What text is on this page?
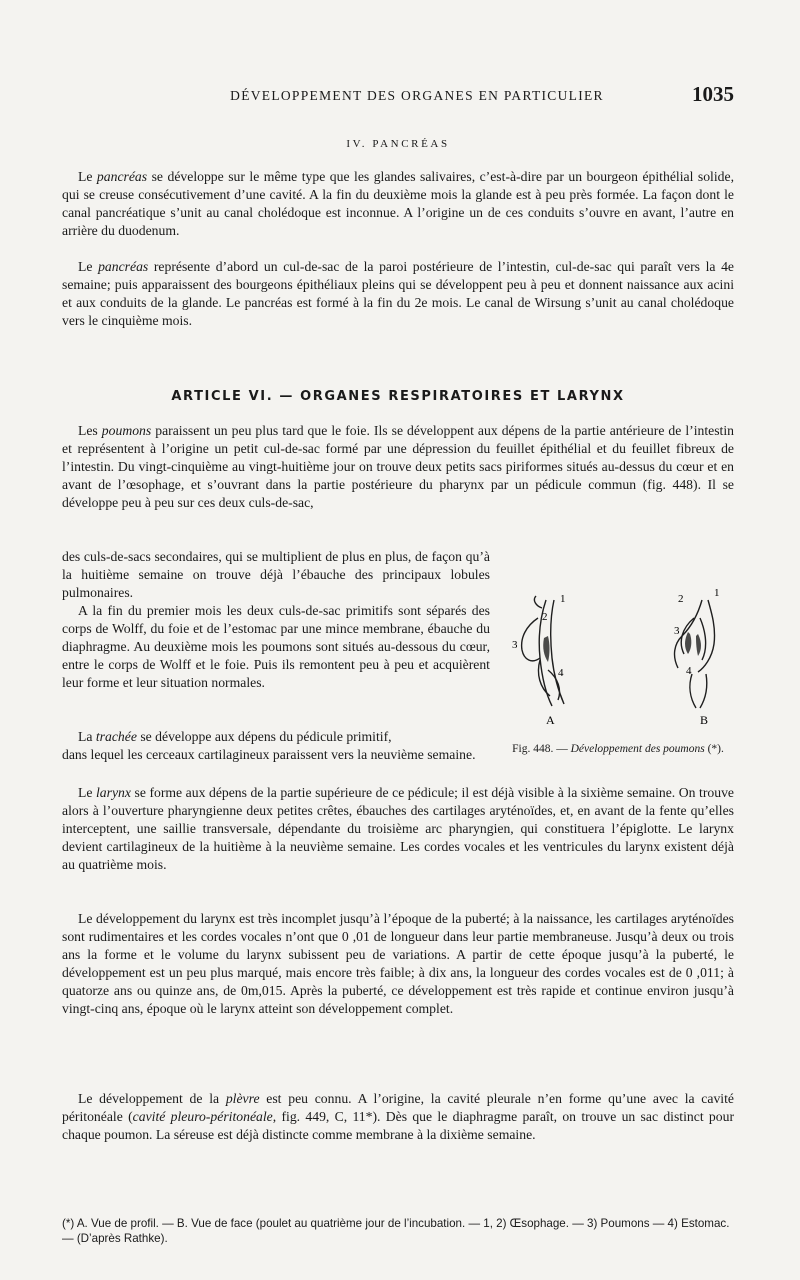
DÉVELOPPEMENT DES ORGANES EN PARTICULIER	1035
IV. PANCRÉAS

Le pancréas se développe sur le même type que les glandes salivaires, c’est-à-dire par un bourgeon épithélial solide, qui se creuse consécutivement d’une cavité. A la fin du deuxième mois la glande est à peu près formée. La façon dont le canal pancréatique s’unit au canal cholédoque est inconnue. A l’origine un de ces conduits s’ouvre en avant, l’autre en arrière du duodenum.

Le pancréas représente d’abord un cul-de-sac de la paroi postérieure de l’intestin, cul-de-sac qui paraît vers la 4e semaine; puis apparaissent des bourgeons épithéliaux pleins qui se développent peu à peu et donnent naissance aux acini et aux conduits de la glande. Le pancréas est formé à la fin du 2e mois. Le canal de Wirsung s’unit au canal cholédoque vers le cinquième mois.

ARTICLE VI. — ORGANES RESPIRATOIRES ET LARYNX

Les poumons paraissent un peu plus tard que le foie. Ils se développent aux dépens de la partie antérieure de l’intestin et représentent à l’origine un petit cul-de-sac formé par une dépression du feuillet épithélial et du feuillet fibreux de l’intestin. Du vingt-cinquième au vingt-huitième jour on trouve deux petits sacs piriformes situés au-dessus du cœur et en avant de l’œsophage, et s’ouvrant dans la partie postérieure du pharynx par un pédicule commun (fig. 448). Il se développe peu à peu sur ces deux culs-de-sac,

des culs-de-sacs secondaires, qui se multiplient de plus en plus, de façon qu’à la huitième semaine on trouve déjà l’ébauche des principaux lobules pulmonaires.

A la fin du premier mois les deux culs-de-sac primitifs sont séparés des corps de Wolff, du foie et de l’estomac par une mince membrane, ébauche du diaphragme. Au deuxième mois les poumons sont situés au-dessous du cœur, entre le corps de Wolff et le foie. Puis ils remontent peu à peu et acquièrent leur forme et leur situation normales.

La trachée se développe aux dépens du pédicule primitif,

dans lequel les cerceaux cartilagineux paraissent vers la neuvième semaine.
1
2
3
4
2	1
3
4
A	B
Fig. 448. — Développement des poumons (*).

Le larynx se forme aux dépens de la partie supérieure de ce pédicule; il est déjà visible à la sixième semaine. On trouve alors à l’ouverture pharyngienne deux petites crêtes, ébauches des cartilages aryténoïdes, et, en avant de la fente qu’elles interceptent, une saillie transversale, dépendante du troisième arc pharyngien, qui constituera l’épiglotte. Le larynx devient cartilagineux de la huitième à la neuvième semaine. Les cordes vocales et les ventricules du larynx existent déjà au quatrième mois.

Le développement du larynx est très incomplet jusqu’à l’époque de la puberté; à la naissance, les cartilages aryténoïdes sont rudimentaires et les cordes vocales n’ont que 0 ,01 de longueur dans leur partie membraneuse. Jusqu’à deux ou trois ans la forme et le volume du larynx subissent peu de variations. A partir de cette époque jusqu’à la puberté, le développement est un peu plus marqué, mais encore très faible; à dix ans, la longueur des cordes vocales est de 0 ,011; à quatorze ans ou quinze ans, de 0m,015. Après la puberté, ce développement est très rapide et continue environ jusqu’à vingt-cinq ans, époque où le larynx atteint son développement complet.

Le développement de la plèvre est peu connu. A l’origine, la cavité pleurale n’en forme qu’une avec la cavité péritonéale (cavité pleuro-péritonéale, fig. 449, C, 11*). Dès que le diaphragme paraît, on trouve un sac distinct pour chaque poumon. La séreuse est déjà distincte comme membrane à la dixième semaine.

(*) A. Vue de profil. — B. Vue de face (poulet au quatrième jour de l’incubation. — 1, 2) Œsophage. — 3) Poumons — 4) Estomac. — (D’après Rathke).
